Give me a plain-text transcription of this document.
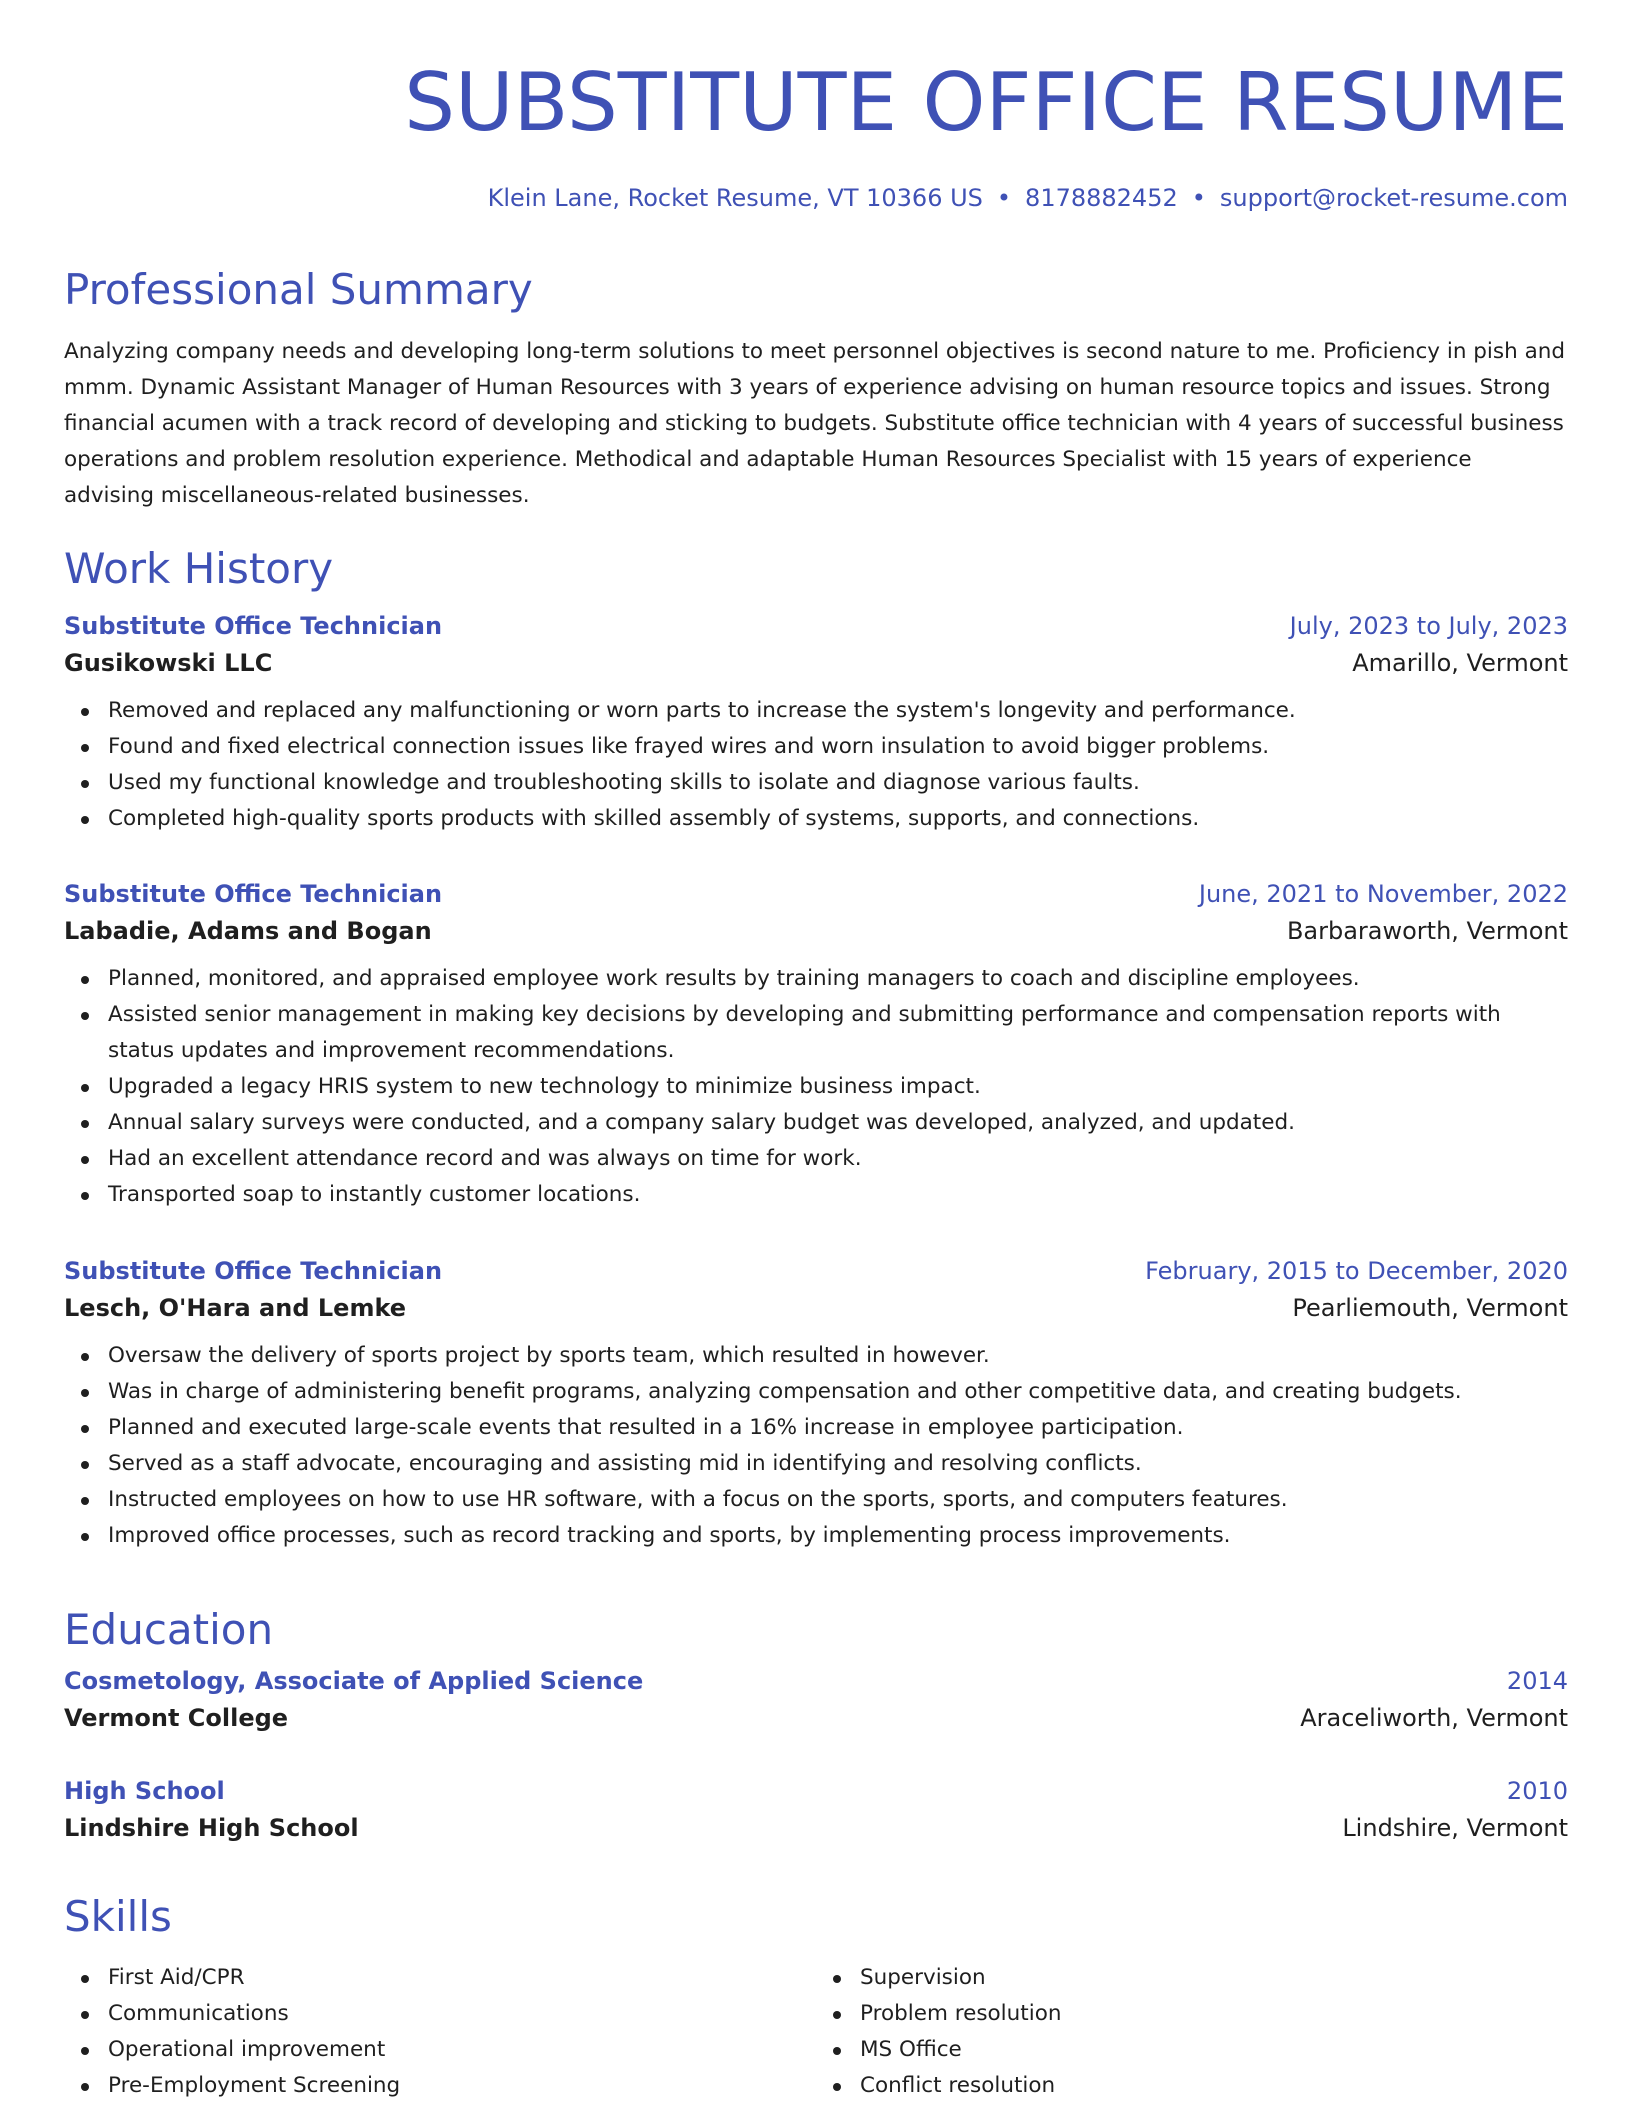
SUBSTITUTE OFFICE RESUME
Klein Lane, Rocket Resume, VT 10366 US • 8178882452 • support@rocket-resume.com
Professional Summary

Analyzing company needs and developing long-term solutions to meet personnel objectives is second nature to me. Proficiency in pish and mmm. Dynamic Assistant Manager of Human Resources with 3 years of experience advising on human resource topics and issues. Strong financial acumen with a track record of developing and sticking to budgets. Substitute office technician with 4 years of successful business operations and problem resolution experience. Methodical and adaptable Human Resources Specialist with 15 years of experience advising miscellaneous-related businesses.

Work History
Substitute Office Technician	July, 2023 to July, 2023
Gusikowski LLC	Amarillo, Vermont
Removed and replaced any malfunctioning or worn parts to increase the system's longevity and performance.
Found and fixed electrical connection issues like frayed wires and worn insulation to avoid bigger problems.
Used my functional knowledge and troubleshooting skills to isolate and diagnose various faults.
Completed high-quality sports products with skilled assembly of systems, supports, and connections.
Substitute Office Technician	June, 2021 to November, 2022
Labadie, Adams and Bogan	Barbaraworth, Vermont
Planned, monitored, and appraised employee work results by training managers to coach and discipline employees.
Assisted senior management in making key decisions by developing and submitting performance and compensation reports with status updates and improvement recommendations.
Upgraded a legacy HRIS system to new technology to minimize business impact.
Annual salary surveys were conducted, and a company salary budget was developed, analyzed, and updated.
Had an excellent attendance record and was always on time for work.
Transported soap to instantly customer locations.
Substitute Office Technician	February, 2015 to December, 2020
Lesch, O'Hara and Lemke	Pearliemouth, Vermont
Oversaw the delivery of sports project by sports team, which resulted in however.
Was in charge of administering benefit programs, analyzing compensation and other competitive data, and creating budgets.
Planned and executed large-scale events that resulted in a 16% increase in employee participation.
Served as a staff advocate, encouraging and assisting mid in identifying and resolving conflicts.
Instructed employees on how to use HR software, with a focus on the sports, sports, and computers features.
Improved office processes, such as record tracking and sports, by implementing process improvements.
Education
Cosmetology, Associate of Applied Science	2014
Vermont College	Araceliworth, Vermont
High School	2010
Lindshire High School	Lindshire, Vermont
Skills
First Aid/CPR
Communications
Operational improvement
Pre-Employment Screening
Supervision
Problem resolution
MS Office
Conflict resolution
